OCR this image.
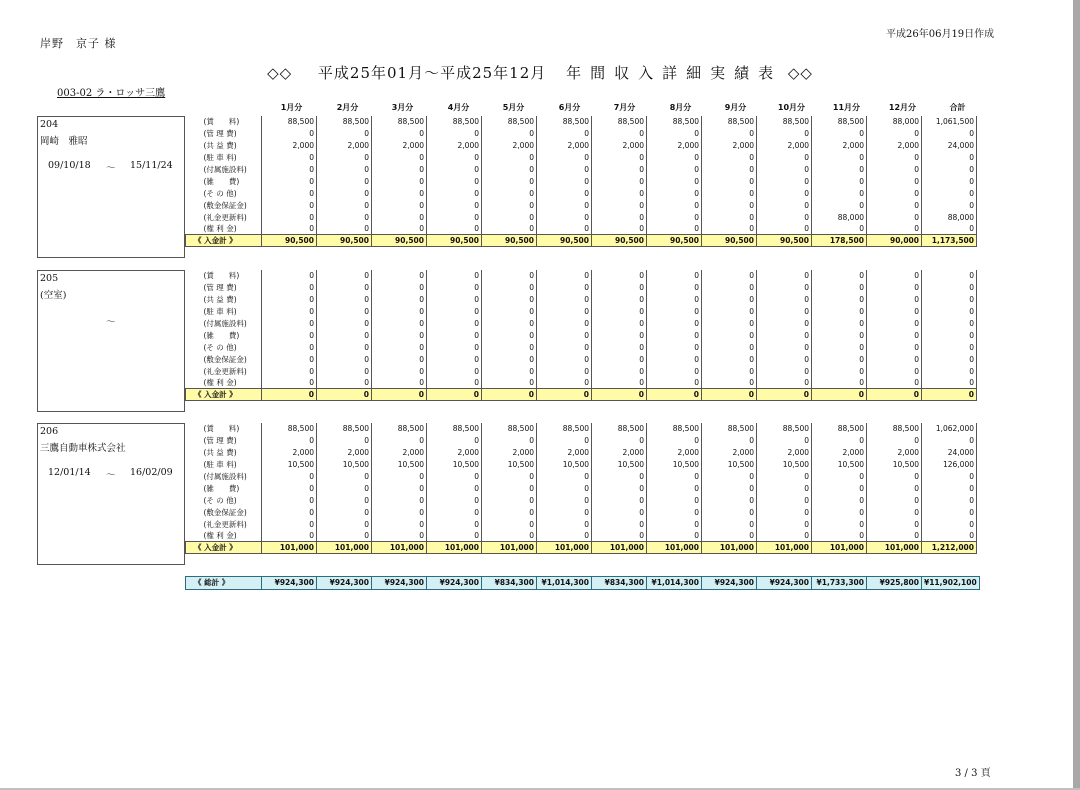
平成26年06月19日作成
岸野　京子 様
◇◇ 平成25年01月～平成25年12月 年間収入詳細実績表 ◇◇
003-02 ラ・ロッサ三鷹
1月分	2月分	3月分	4月分	5月分	6月分	7月分	8月分	9月分	10月分	11月分	12月分	合計
204
岡崎　雅昭
09/10/18 ～ 15/11/24
(賃　　料)	88,500	88,500	88,500	88,500	88,500	88,500	88,500	88,500	88,500	88,500	88,500	88,000	1,061,500
(管 理 費)	0	0	0	0	0	0	0	0	0	0	0	0	0
(共 益 費)	2,000	2,000	2,000	2,000	2,000	2,000	2,000	2,000	2,000	2,000	2,000	2,000	24,000
(駐 車 料)	0	0	0	0	0	0	0	0	0	0	0	0	0
(付属施設料)	0	0	0	0	0	0	0	0	0	0	0	0	0
(雑　　費)	0	0	0	0	0	0	0	0	0	0	0	0	0
(そ の 他)	0	0	0	0	0	0	0	0	0	0	0	0	0
(敷金保証金)	0	0	0	0	0	0	0	0	0	0	0	0	0
(礼金更新料)	0	0	0	0	0	0	0	0	0	0	88,000	0	88,000
(権 利 金)	0	0	0	0	0	0	0	0	0	0	0	0	0
《 入金計 》	90,500	90,500	90,500	90,500	90,500	90,500	90,500	90,500	90,500	90,500	178,500	90,000	1,173,500
205
(空室)
～
(賃　　料)	0	0	0	0	0	0	0	0	0	0	0	0	0
(管 理 費)	0	0	0	0	0	0	0	0	0	0	0	0	0
(共 益 費)	0	0	0	0	0	0	0	0	0	0	0	0	0
(駐 車 料)	0	0	0	0	0	0	0	0	0	0	0	0	0
(付属施設料)	0	0	0	0	0	0	0	0	0	0	0	0	0
(雑　　費)	0	0	0	0	0	0	0	0	0	0	0	0	0
(そ の 他)	0	0	0	0	0	0	0	0	0	0	0	0	0
(敷金保証金)	0	0	0	0	0	0	0	0	0	0	0	0	0
(礼金更新料)	0	0	0	0	0	0	0	0	0	0	0	0	0
(権 利 金)	0	0	0	0	0	0	0	0	0	0	0	0	0
《 入金計 》	0	0	0	0	0	0	0	0	0	0	0	0	0
206
三鷹自動車株式会社
12/01/14 ～ 16/02/09
(賃　　料)	88,500	88,500	88,500	88,500	88,500	88,500	88,500	88,500	88,500	88,500	88,500	88,500	1,062,000
(管 理 費)	0	0	0	0	0	0	0	0	0	0	0	0	0
(共 益 費)	2,000	2,000	2,000	2,000	2,000	2,000	2,000	2,000	2,000	2,000	2,000	2,000	24,000
(駐 車 料)	10,500	10,500	10,500	10,500	10,500	10,500	10,500	10,500	10,500	10,500	10,500	10,500	126,000
(付属施設料)	0	0	0	0	0	0	0	0	0	0	0	0	0
(雑　　費)	0	0	0	0	0	0	0	0	0	0	0	0	0
(そ の 他)	0	0	0	0	0	0	0	0	0	0	0	0	0
(敷金保証金)	0	0	0	0	0	0	0	0	0	0	0	0	0
(礼金更新料)	0	0	0	0	0	0	0	0	0	0	0	0	0
(権 利 金)	0	0	0	0	0	0	0	0	0	0	0	0	0
《 入金計 》	101,000	101,000	101,000	101,000	101,000	101,000	101,000	101,000	101,000	101,000	101,000	101,000	1,212,000
《 総計 》	¥924,300	¥924,300	¥924,300	¥924,300	¥834,300	¥1,014,300	¥834,300	¥1,014,300	¥924,300	¥924,300	¥1,733,300	¥925,800	¥11,902,100
3 / 3 頁
